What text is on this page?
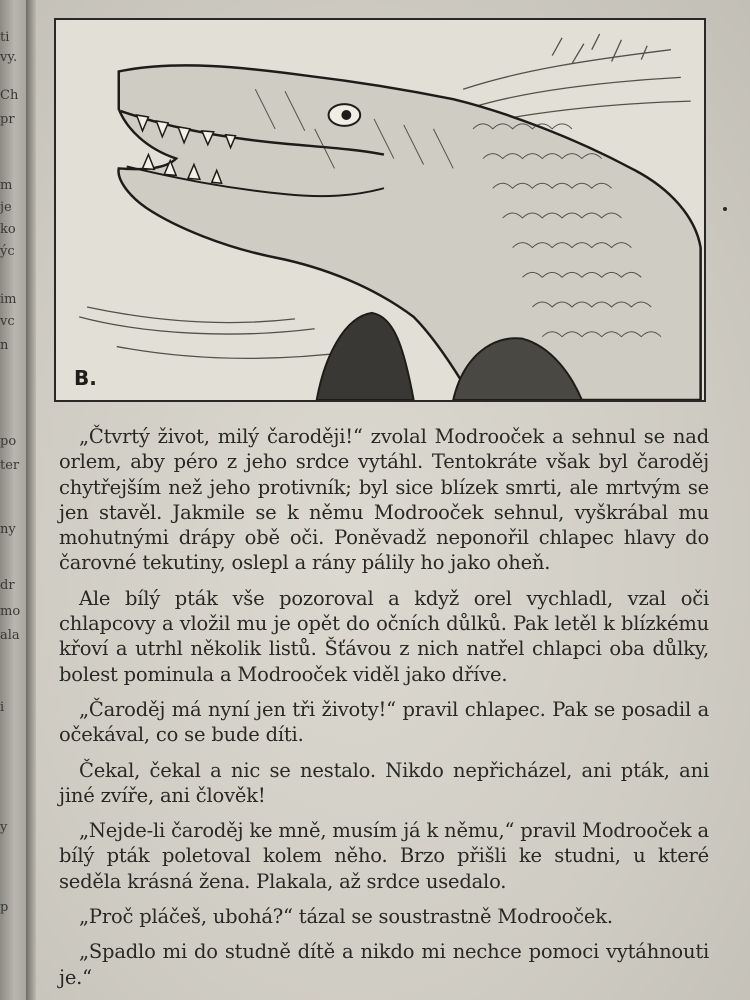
ti
vy.
Ch
pr
m
je
ko
ýc
im
vc
n
po
ter
ny
dr
mo
ala
i
y
p
B.

„Čtvrtý život, milý čaroději!“ zvolal Modrooček a sehnul se nad orlem, aby péro z jeho srdce vytáhl. Tentokráte však byl čaroděj chytřejším než jeho protivník; byl sice blízek smrti, ale mrtvým se jen stavěl. Jakmile se k němu Modrooček sehnul, vyškrábal mu mohutnými drápy obě oči. Poněvadž neponořil chlapec hlavy do čarovné tekutiny, oslepl a rány pálily ho jako oheň.

Ale bílý pták vše pozoroval a když orel vychladl, vzal oči chlapcovy a vložil mu je opět do očních důlků. Pak letěl k blízkému křoví a utrhl několik listů. Šťávou z nich natřel chlapci oba důlky, bolest pominula a Modrooček viděl jako dříve.

„Čaroděj má nyní jen tři životy!“ pravil chlapec. Pak se posadil a očekával, co se bude díti.

Čekal, čekal a nic se nestalo. Nikdo nepřicházel, ani pták, ani jiné zvíře, ani člověk!

„Nejde-li čaroděj ke mně, musím já k němu,“ pravil Modrooček a bílý pták poletoval kolem něho. Brzo přišli ke studni, u které seděla krásná žena. Plakala, až srdce usedalo.

„Proč pláčeš, ubohá?“ tázal se soustrastně Modrooček.

„Spadlo mi do studně dítě a nikdo mi nechce pomoci vytáhnouti je.“
